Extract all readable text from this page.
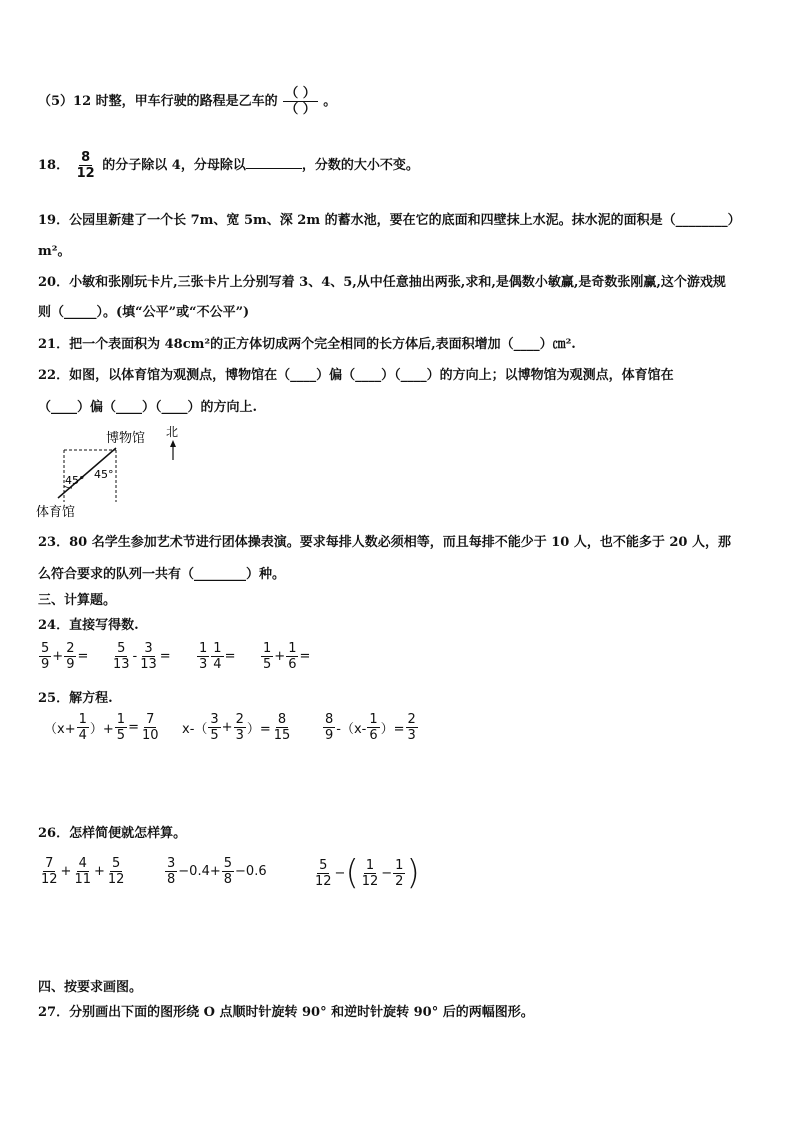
（5）12 时整，甲车行驶的路程是乙车的 $\frac{( )}{( )}$ 。
18． $\frac{8}{12}$ 的分子除以 4，分母除以	，分数的大小不变。
19．公园里新建了一个长 7m、宽 5m、深 2m 的蓄水池，要在它的底面和四壁抹上水泥。抹水泥的面积是（________）
m²。
20．小敏和张刚玩卡片,三张卡片上分别写着 3、4、5,从中任意抽出两张,求和,是偶数小敏赢,是奇数张刚赢,这个游戏规
则（_____）。(填“公平”或“不公平”)
21．把一个表面积为 48cm²的正方体切成两个完全相同的长方体后,表面积增加（____）㎝².
22．如图，以体育馆为观测点，博物馆在（____）偏（____）（____）的方向上；以博物馆为观测点，体育馆在
（____）偏（____）（____）的方向上.
45° 45°
博物馆 北
体育馆
23．80 名学生参加艺术节进行团体操表演。要求每排人数必须相等，而且每排不能少于 10 人，也不能多于 20 人，那
么符合要求的队列一共有（________）种。
三、计算题。
24．直接写得数.
$\frac{5}{9} + \frac{2}{9} = \frac{5}{13} - \frac{3}{13} = \frac{1}{3} \frac{1}{4} = \frac{1}{5} + \frac{1}{6}$ =
25．解方程.
（$x+ \frac{1}{4}$ ）+ $\frac{1}{5} = \frac{7}{10} x-( \frac{3}{5} + \frac{2}{3}$ ）= $\frac{8}{15} \frac{8}{9} -(x- \frac{1}{6}$ ）= $\frac{2}{3}$
26．怎样简便就怎样算。
$\frac{7}{12} + \frac{4}{11} + \frac{5}{12}$	$\frac{3}{8} -0.4+ \frac{5}{8} -0.6$	$\frac{5}{12}$ − ( $\frac{1}{12} - \frac{1}{2}$ )
四、按要求画图。
27．分别画出下面的图形绕 O 点顺时针旋转 90° 和逆时针旋转 90° 后的两幅图形。
